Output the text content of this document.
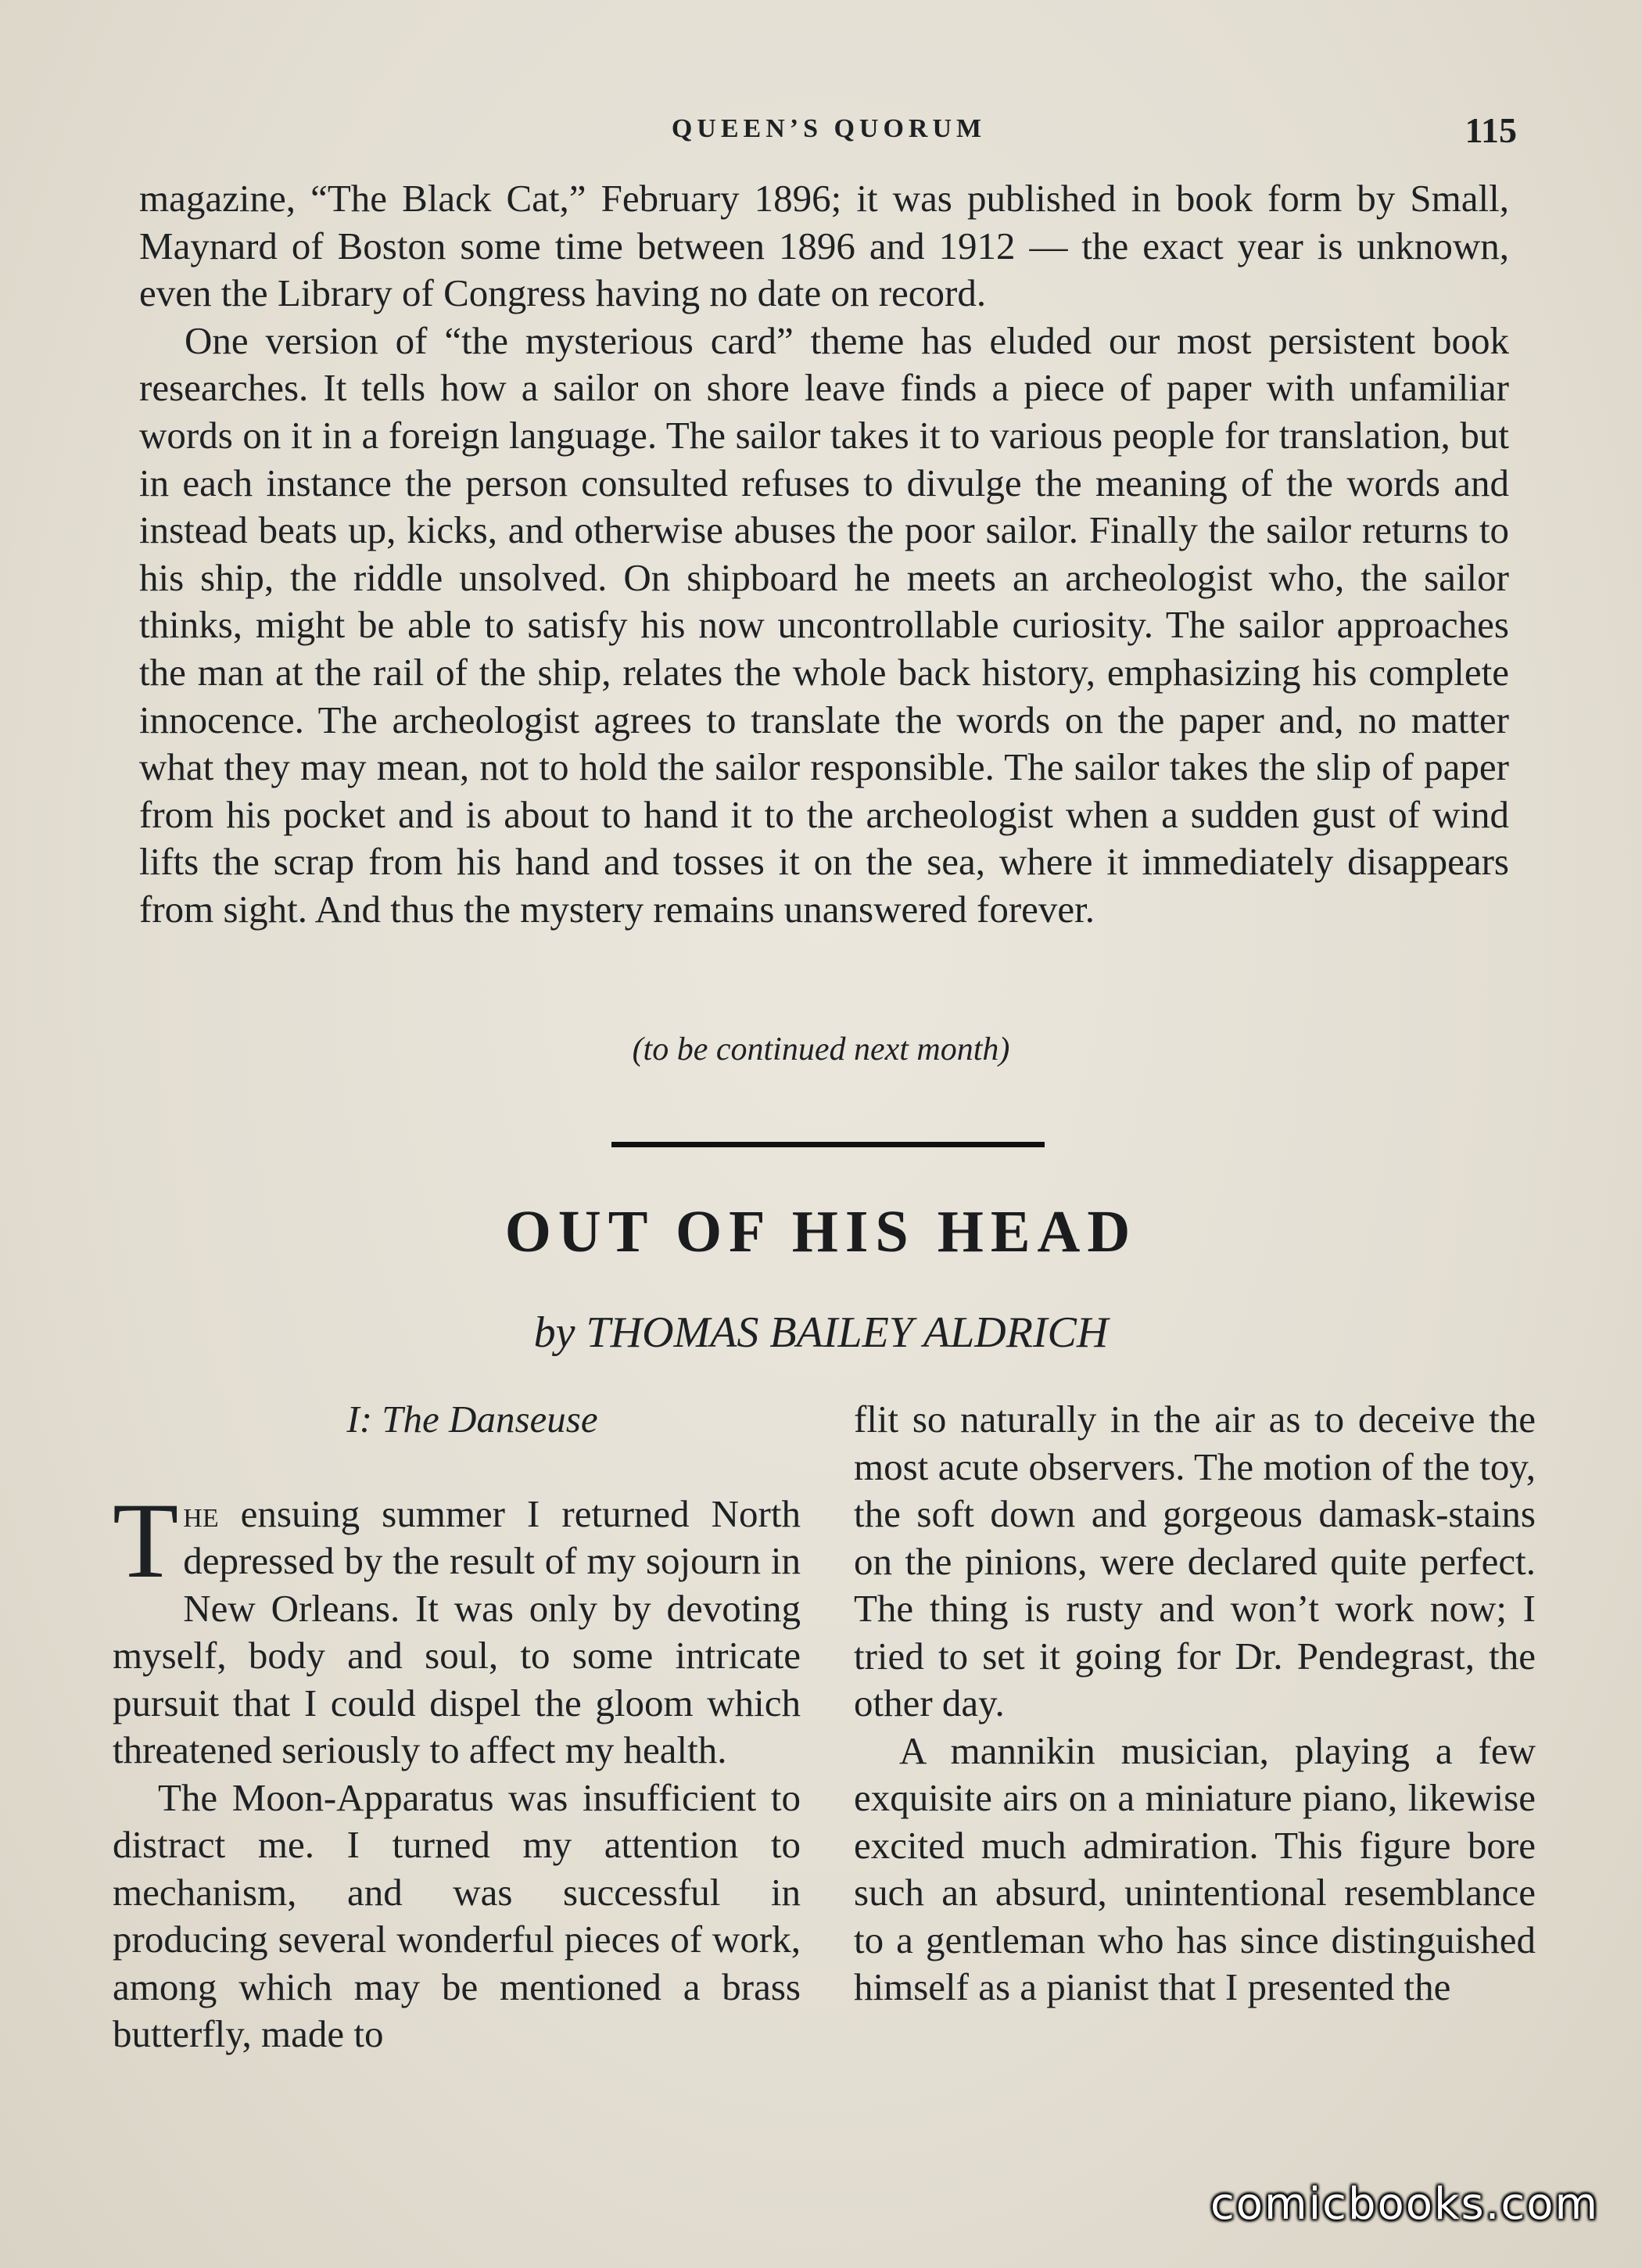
QUEEN’S QUORUM	115

magazine, “The Black Cat,” February 1896; it was published in book form by Small, Maynard of Boston some time between 1896 and 1912 — the exact year is unknown, even the Library of Congress having no date on record.

One version of “the mysterious card” theme has eluded our most persistent book researches. It tells how a sailor on shore leave finds a piece of paper with unfamiliar words on it in a foreign language. The sailor takes it to various people for translation, but in each instance the person consulted refuses to divulge the meaning of the words and instead beats up, kicks, and otherwise abuses the poor sailor. Finally the sailor returns to his ship, the riddle unsolved. On shipboard he meets an archeologist who, the sailor thinks, might be able to satisfy his now uncontrollable curiosity. The sailor approaches the man at the rail of the ship, relates the whole back history, emphasizing his complete innocence. The archeologist agrees to translate the words on the paper and, no matter what they may mean, not to hold the sailor responsible. The sailor takes the slip of paper from his pocket and is about to hand it to the archeologist when a sudden gust of wind lifts the scrap from his hand and tosses it on the sea, where it immediately disappears from sight. And thus the mystery remains unanswered forever.

(to be continued next month)
OUT OF HIS HEAD
by THOMAS BAILEY ALDRICH
I: The Danseuse

The ensuing summer I returned North depressed by the result of my sojourn in New Orleans. It was only by devoting myself, body and soul, to some intricate pursuit that I could dispel the gloom which threatened seriously to affect my health.

The Moon-Apparatus was insufficient to distract me. I turned my attention to mechanism, and was successful in producing several wonderful pieces of work, among which may be mentioned a brass butterfly, made to

flit so naturally in the air as to deceive the most acute observers. The motion of the toy, the soft down and gorgeous damask-stains on the pinions, were declared quite perfect. The thing is rusty and won’t work now; I tried to set it going for Dr. Pendegrast, the other day.

A mannikin musician, playing a few exquisite airs on a miniature piano, likewise excited much admiration. This figure bore such an absurd, unintentional resemblance to a gentleman who has since distinguished himself as a pianist that I presented the

comicbooks.com
